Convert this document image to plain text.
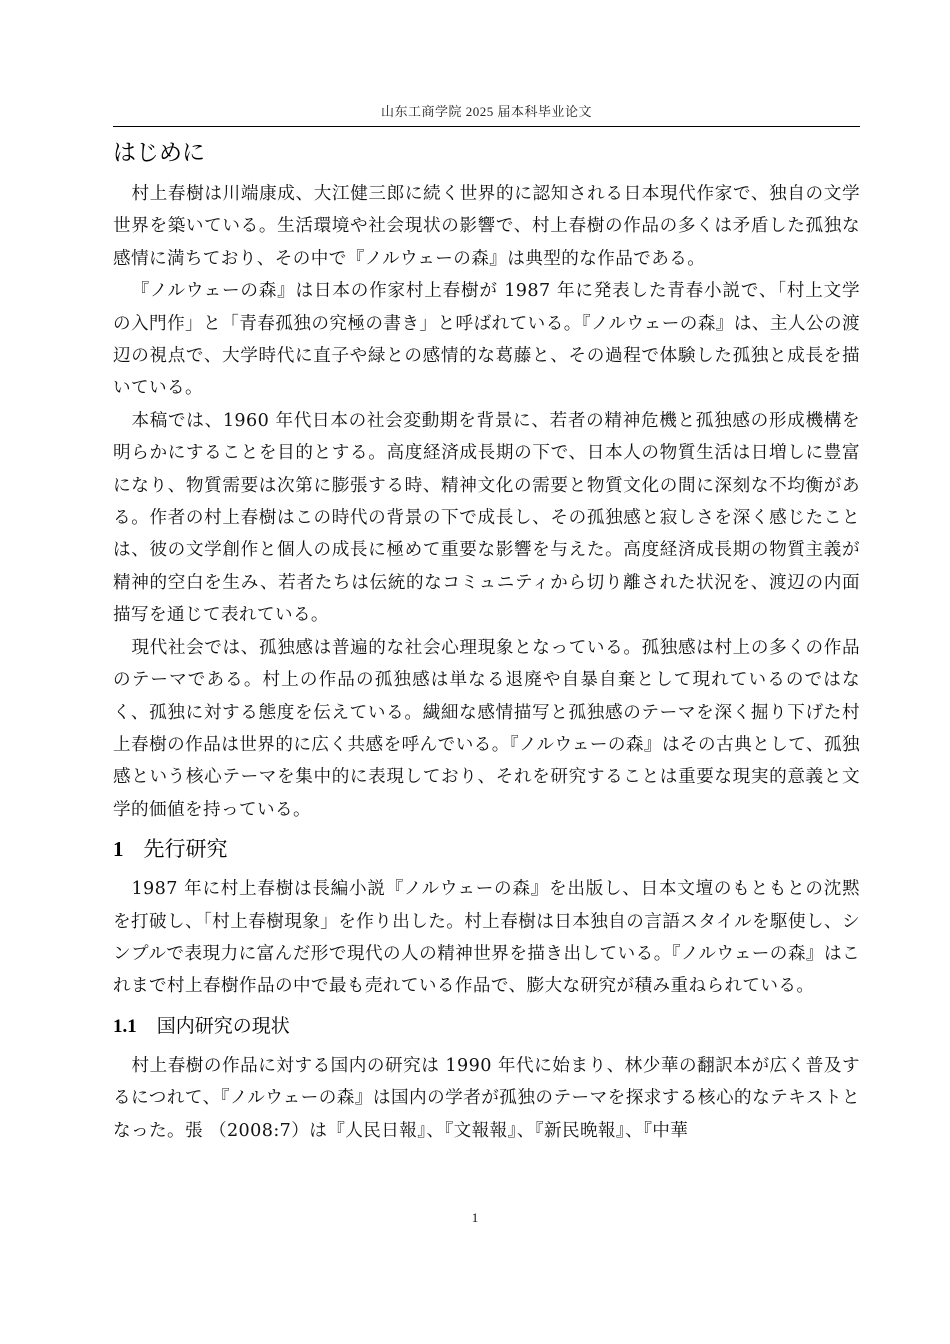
山东工商学院 2025 届本科毕业论文
はじめに

村上春樹は川端康成、大江健三郎に続く世界的に認知される日本現代作家で、独自の文学世界を築いている。生活環境や社会現状の影響で、村上春樹の作品の多くは矛盾した孤独な感情に満ちており、その中で『ノルウェーの森』は典型的な作品である。

『ノルウェーの森』は日本の作家村上春樹が 1987 年に発表した青春小説で、「村上文学の入門作」と「青春孤独の究極の書き」と呼ばれている。『ノルウェーの森』は、主人公の渡辺の視点で、大学時代に直子や緑との感情的な葛藤と、その過程で体験した孤独と成長を描いている。

本稿では、1960 年代日本の社会変動期を背景に、若者の精神危機と孤独感の形成機構を明らかにすることを目的とする。高度経済成長期の下で、日本人の物質生活は日増しに豊富になり、物質需要は次第に膨張する時、精神文化の需要と物質文化の間に深刻な不均衡がある。作者の村上春樹はこの時代の背景の下で成長し、その孤独感と寂しさを深く感じたことは、彼の文学創作と個人の成長に極めて重要な影響を与えた。高度経済成長期の物質主義が精神的空白を生み、若者たちは伝統的なコミュニティから切り離された状況を、渡辺の内面描写を通じて表れている。

現代社会では、孤独感は普遍的な社会心理現象となっている。孤独感は村上の多くの作品のテーマである。村上の作品の孤独感は単なる退廃や自暴自棄として現れているのではなく、孤独に対する態度を伝えている。繊細な感情描写と孤独感のテーマを深く掘り下げた村上春樹の作品は世界的に広く共感を呼んでいる。『ノルウェーの森』はその古典として、孤独感という核心テーマを集中的に表現しており、それを研究することは重要な現実的意義と文学的価値を持っている。

1 先行研究

1987 年に村上春樹は長編小説『ノルウェーの森』を出版し、日本文壇のもともとの沈黙を打破し、「村上春樹現象」を作り出した。村上春樹は日本独自の言語スタイルを駆使し、シンプルで表現力に富んだ形で現代の人の精神世界を描き出している。『ノルウェーの森』はこれまで村上春樹作品の中で最も売れている作品で、膨大な研究が積み重ねられている。

1.1 国内研究の現状

村上春樹の作品に対する国内の研究は 1990 年代に始まり、林少華の翻訳本が広く普及するにつれて、『ノルウェーの森』は国内の学者が孤独のテーマを探求する核心的なテキストとなった。張 （2008:7）は『人民日報』、『文報報』、『新民晩報』、『中華

1
